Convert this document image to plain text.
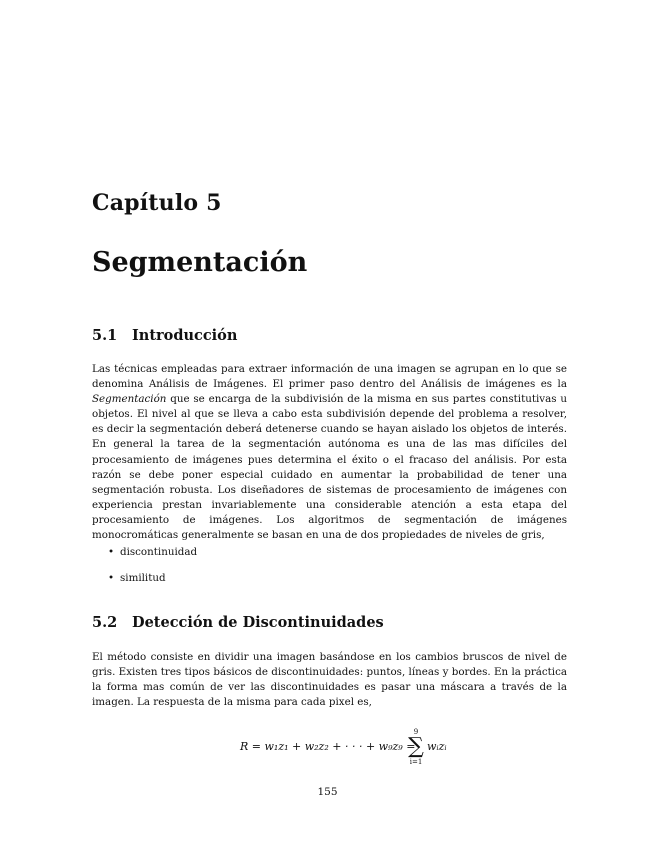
Capítulo 5
Segmentación
5.1 Introducción

Las técnicas empleadas para extraer información de una imagen se agrupan en lo que se denomina Análisis de Imágenes. El primer paso dentro del Análisis de imágenes es la Segmentación que se encarga de la subdivisión de la misma en sus partes constitutivas u objetos. El nivel al que se lleva a cabo esta subdivisión depende del problema a resolver, es decir la segmentación deberá detenerse cuando se hayan aislado los objetos de interés. En general la tarea de la segmentación autónoma es una de las mas difíciles del procesamiento de imágenes pues determina el éxito o el fracaso del análisis. Por esta razón se debe poner especial cuidado en aumentar la probabilidad de tener una segmentación robusta. Los diseñadores de sistemas de procesamiento de imágenes con experiencia prestan invariablemente una considerable atención a esta etapa del procesamiento de imágenes. Los algoritmos de segmentación de imágenes monocromáticas generalmente se basan en una de dos propiedades de niveles de gris,

• discontinuidad
• similitud
5.2 Detección de Discontinuidades

El método consiste en dividir una imagen basándose en los cambios bruscos de nivel de gris. Existen tres tipos básicos de discontinuidades: puntos, líneas y bordes. En la práctica la forma mas común de ver las discontinuidades es pasar una máscara a través de la imagen. La respuesta de la misma para cada pixel es,

R = w₁z₁ + w₂z₂ + · · · + w₉z₉ =
9
∑
i=1
wᵢzᵢ
155
